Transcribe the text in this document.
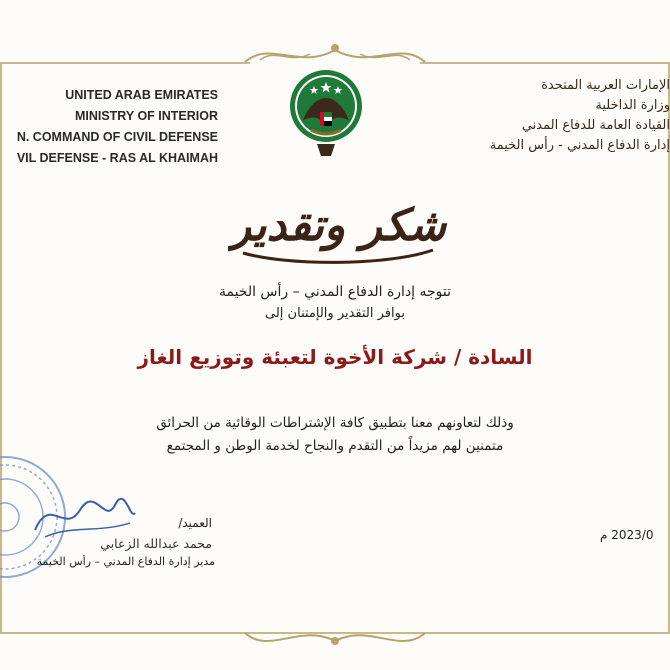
UNITED ARAB EMIRATES
MINISTRY OF INTERIOR
N. COMMAND OF CIVIL DEFENSE
VIL DEFENSE - RAS AL KHAIMAH
الإمارات العربية المتحدة
وزارة الداخلية
القيادة العامة للدفاع المدني
إدارة الدفاع المدني - رأس الخيمة
شكر وتقدير
تتوجه إدارة الدفاع المدني – رأس الخيمة
بوافر التقدير والإمتنان إلى
السادة / شركة الأخوة لتعبئة وتوزيع الغاز
وذلك لتعاونهم معنا بتطبيق كافة الإشتراطات الوقائية من الحرائق
متمنين لهم مزيداً من التقدم والنجاح لخدمة الوطن و المجتمع
العميد/
محمد عبدالله الزعابي
مدير إدارة الدفاع المدني – رأس الخيمة
2023/0 م
